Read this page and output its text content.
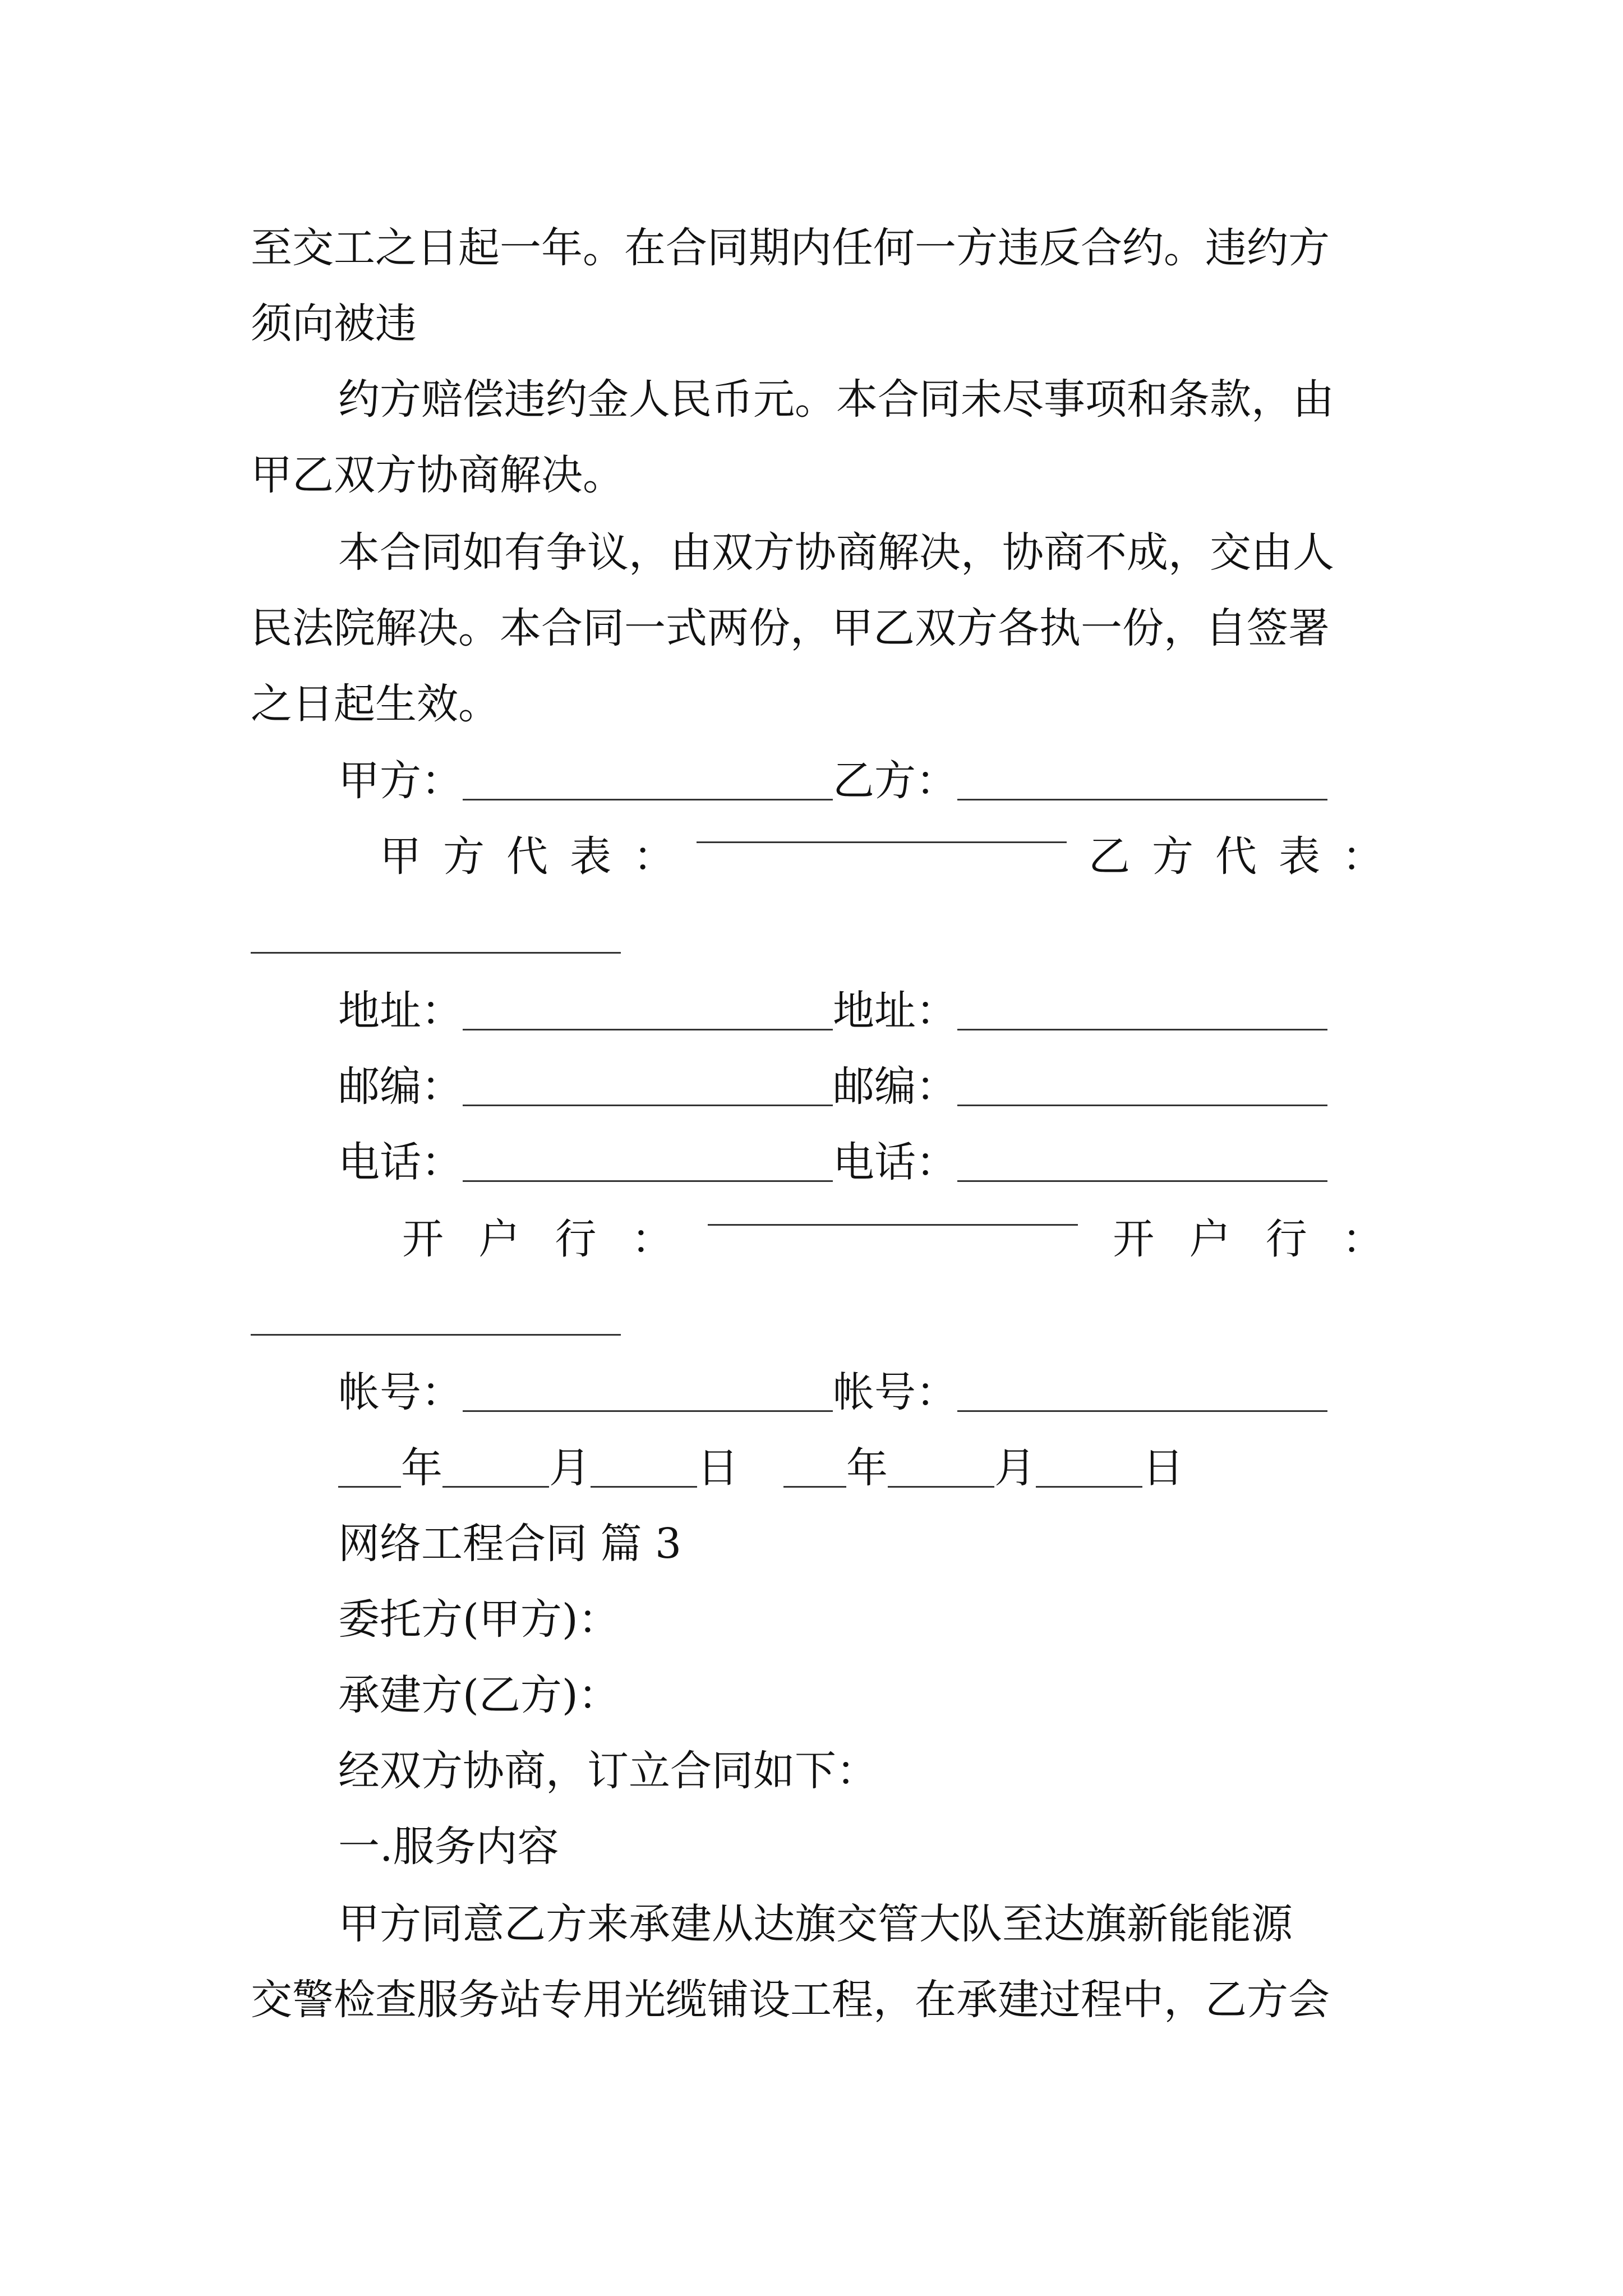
至交工之日起一年。在合同期内任何一方违反合约。违约方
须向被违
约方赔偿违约金人民币元。本合同未尽事项和条款，由
甲乙双方协商解决。
本合同如有争议，由双方协商解决，协商不成，交由人
民法院解决。本合同一式两份，甲乙双方各执一份，自签署
之日起生效。
甲方：	乙方：
甲 方 代 表 ：	乙 方 代 表 ：
地址：	地址：
邮编：	邮编：
电话：	电话：
开 户 行 ：	开 户 行 ：
帐号：	帐号：
年	月	日	年	月	日
网络工程合同 篇 3
委托方(甲方)：
承建方(乙方)：
经双方协商，订立合同如下：
一.服务内容
甲方同意乙方来承建从达旗交管大队至达旗新能能源
交警检查服务站专用光缆铺设工程，在承建过程中，乙方会
